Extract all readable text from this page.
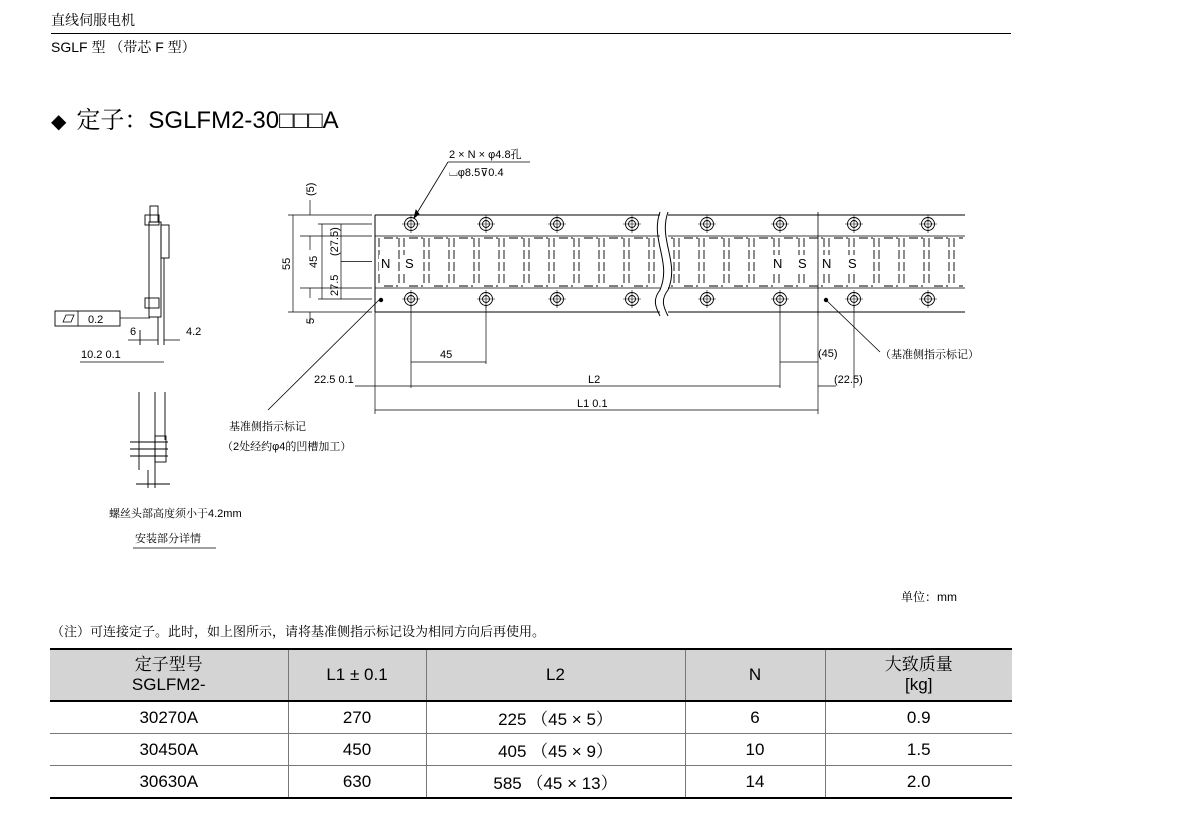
直线伺服电机
SGLF 型 （带芯 F 型）
◆ 定子：SGLFM2-30□□□A
N S	N S N S
2 × N × φ4.8孔
⌴φ8.5⊽0.4
(5)
55 45
(27.5)
27.5
5
45	(45)
22.5 0.1	(22.5)
L2
L1 0.1
（基准侧指示标记）
基准侧指示标记
（2处经约φ4的凹槽加工）
0.2
6	4.2
10.2 0.1
螺丝头部高度须小于4.2mm
安装部分详情
单位：mm
（注）可连接定子。此时，如上图所示，请将基准侧指示标记设为相同方向后再使用。
定子型号
SGLFM2-	L1 ± 0.1	L2	N	大致质量
[kg]
30270A	270	225 （45 × 5）	6	0.9
30450A	450	405 （45 × 9）	10	1.5
30630A	630	585 （45 × 13）	14	2.0
